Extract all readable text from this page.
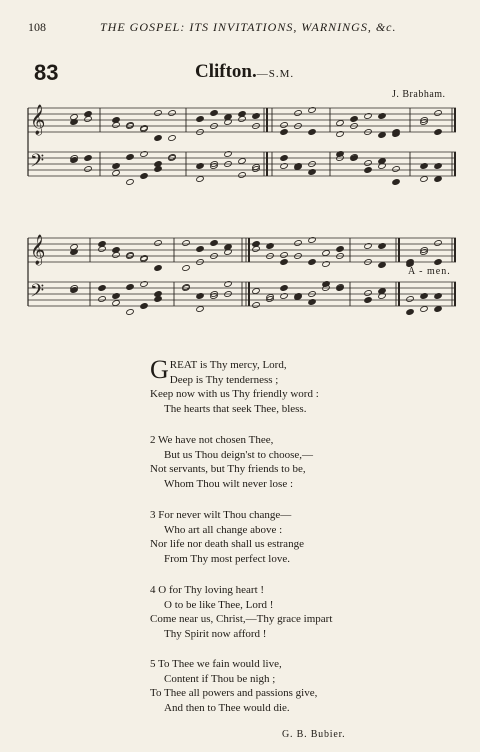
108	THE GOSPEL: ITS INVITATIONS, WARNINGS, &c.
83	Clifton.—S.M.
J. Brabham.
𝄞
𝄢
𝄞
𝄢
A - men.
G REAT is Thy mercy, Lord,
Deep is Thy tenderness ;
Keep now with us Thy friendly word :
The hearts that seek Thee, bless.
2 We have not chosen Thee,
But us Thou deign'st to choose,—
Not servants, but Thy friends to be,
Whom Thou wilt never lose :
3 For never wilt Thou change—
Who art all change above :
Nor life nor death shall us estrange
From Thy most perfect love.
4 O for Thy loving heart !
O to be like Thee, Lord !
Come near us, Christ,—Thy grace impart
Thy Spirit now afford !
5 To Thee we fain would live,
Content if Thou be nigh ;
To Thee all powers and passions give,
And then to Thee would die.
G. B. Bubier.
